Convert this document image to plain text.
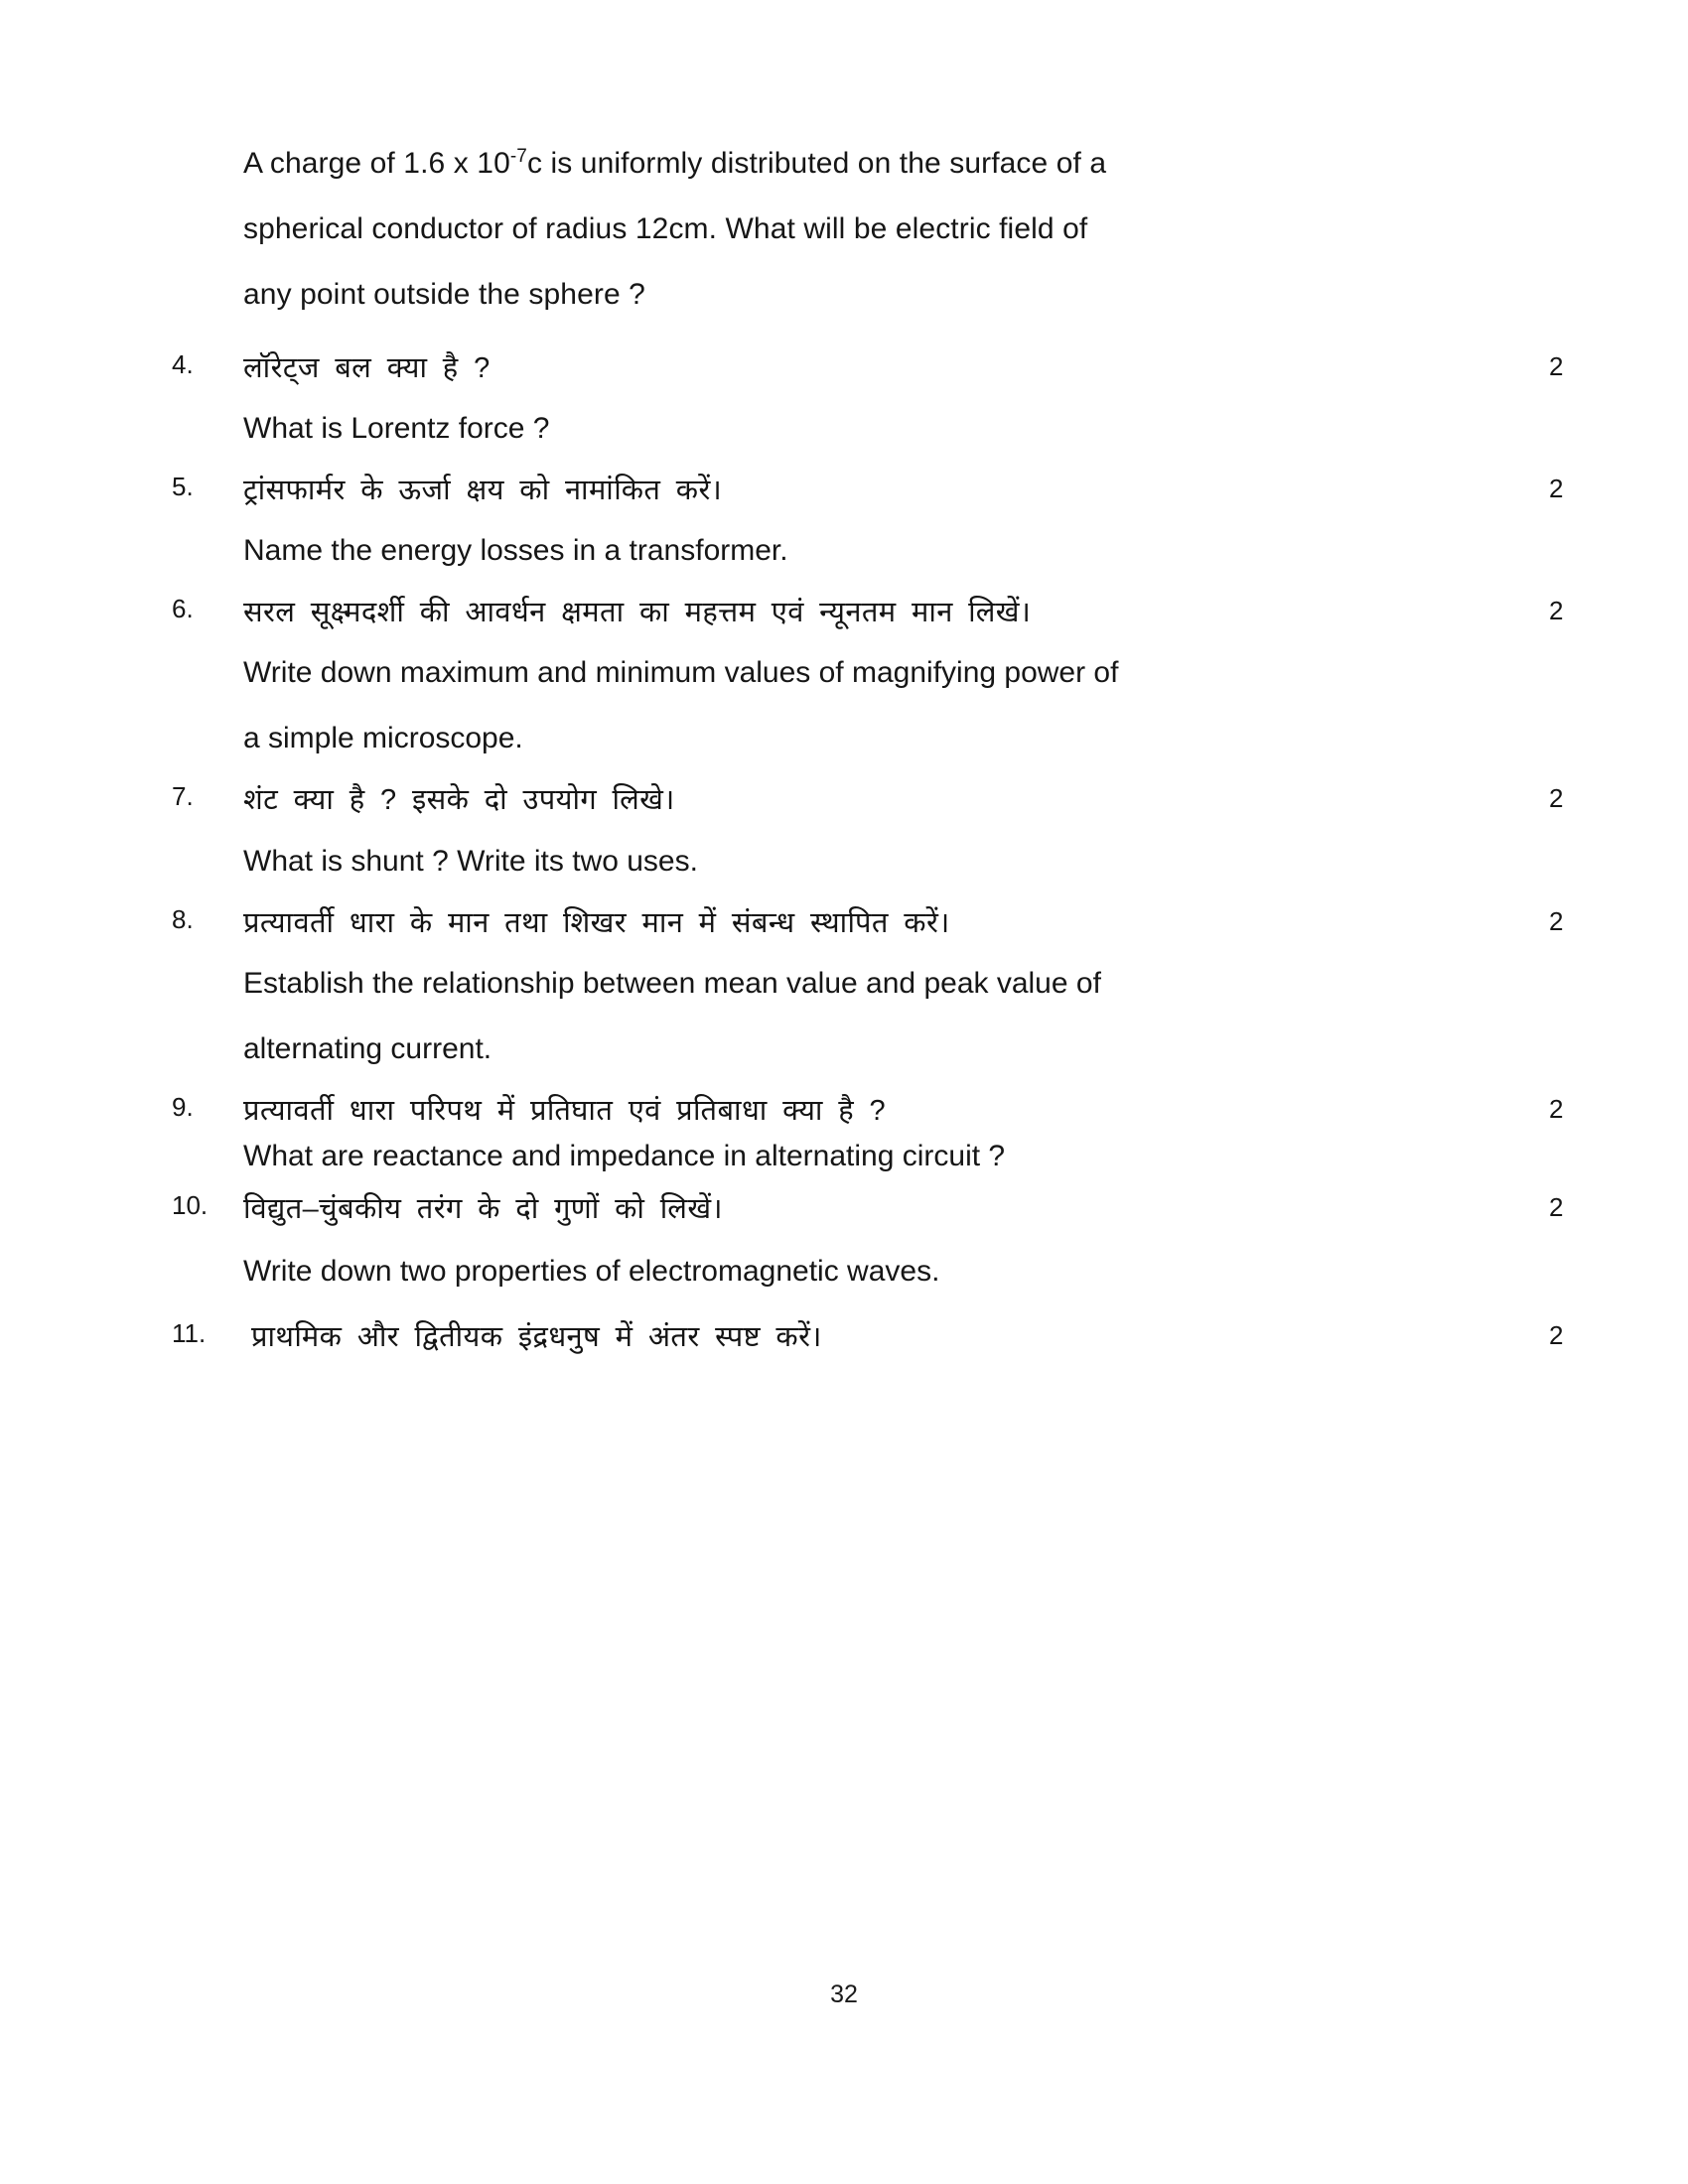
A charge of 1.6 x $10^{-7}c$ is uniformly distributed on the surface of a
spherical conductor of radius 12cm. What will be electric field of
any point outside the sphere ?
4.	2
लॉरेट्ज बल क्या है ?
What is Lorentz force ?
5.	2
ट्रांसफार्मर के ऊर्जा क्षय को नामांकित करें।
Name the energy losses in a transformer.
6.	2
सरल सूक्ष्मदर्शी की आवर्धन क्षमता का महत्तम एवं न्यूनतम मान लिखें।
Write down maximum and minimum values of magnifying power of
a simple microscope.
7.	2
शंट क्या है ? इसके दो उपयोग लिखे।
What is shunt ? Write its two uses.
8.	2
प्रत्यावर्ती धारा के मान तथा शिखर मान में संबन्ध स्थापित करें।
Establish the relationship between mean value and peak value of
alternating current.
9.	2
प्रत्यावर्ती धारा परिपथ में प्रतिघात एवं प्रतिबाधा क्या है ?
What are reactance and impedance in alternating circuit ?
10.	2
विद्युत–चुंबकीय तरंग के दो गुणों को लिखें।
Write down two properties of electromagnetic waves.
11.	2
प्राथमिक और द्वितीयक इंद्रधनुष में अंतर स्पष्ट करें।
32
